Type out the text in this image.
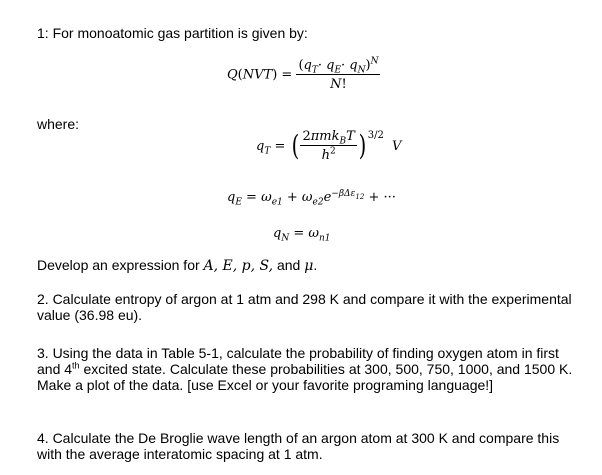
1: For monoatomic gas partition is given by:
$Q(NVT) = \frac{(q_T\cdot q_E\cdot q_N)^N}{N!}$
where:
$q_T$ = ( $\frac{2\pi mk_BT}{h^2}$ ) $^{3/2}$ V
$q_E = \omega_{e1} + \omega_{e2}e^{-\beta\Delta\varepsilon_{12}}$ + ···
$q_N = \omega_{n1}$
Develop an expression for A, E, p, S, and μ.
2. Calculate entropy of argon at 1 atm and 298 K and compare it with the experimental value (36.98 eu).
3. Using the data in Table 5-1, calculate the probability of finding oxygen atom in first and 4th excited state. Calculate these probabilities at 300, 500, 750, 1000, and 1500 K. Make a plot of the data. [use Excel or your favorite programing language!]
4. Calculate the De Broglie wave length of an argon atom at 300 K and compare this with the average interatomic spacing at 1 atm.
